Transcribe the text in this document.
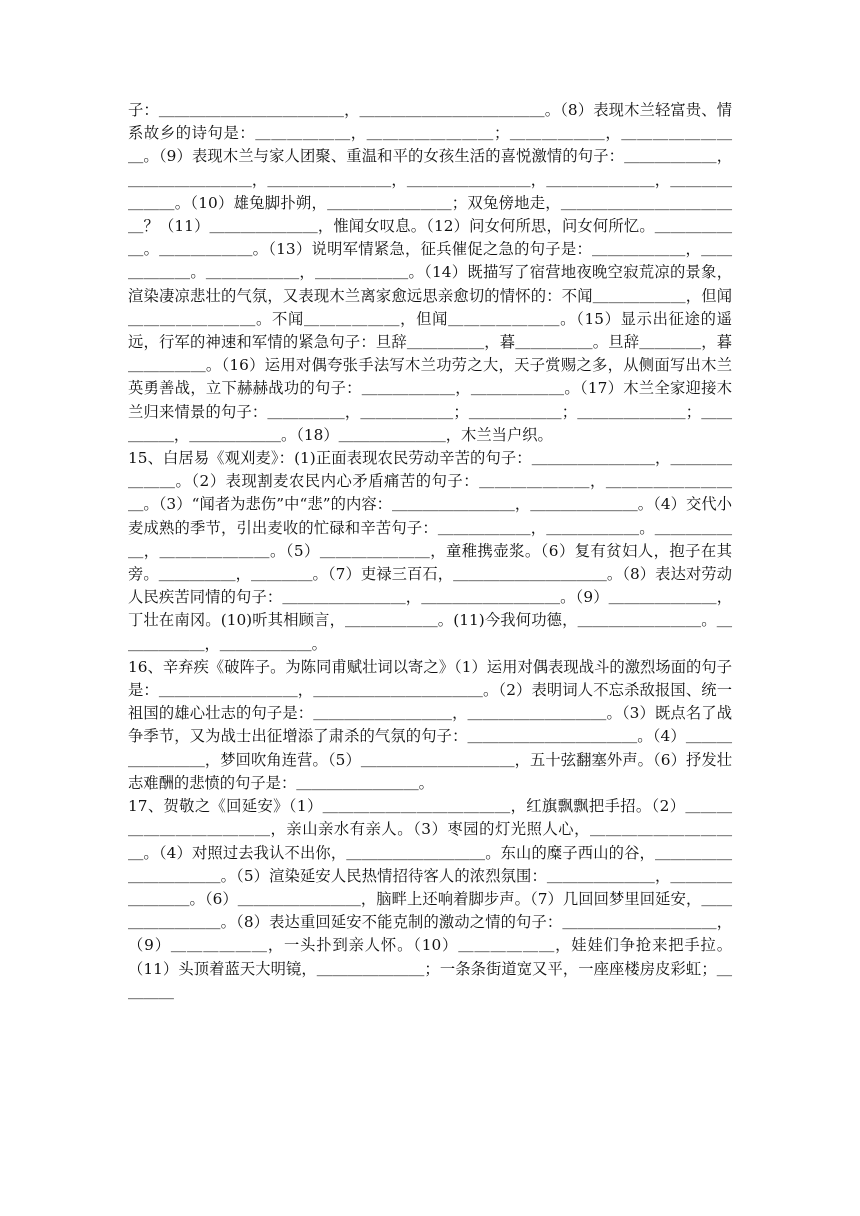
子：＿＿＿＿＿＿＿＿＿＿＿＿，＿＿＿＿＿＿＿＿＿＿＿＿。（8）表现木兰轻富贵、情系故乡的诗句是：＿＿＿＿＿＿，＿＿＿＿＿＿＿＿；＿＿＿＿＿＿，＿＿＿＿＿＿＿＿。（9）表现木兰与家人团聚、重温和平的女孩生活的喜悦激情的句子：＿＿＿＿＿＿，＿＿＿＿＿＿＿＿，＿＿＿＿＿＿＿＿，＿＿＿＿＿＿＿＿，＿＿＿＿＿＿＿，＿＿＿＿＿＿＿。（10）雄兔脚扑朔，＿＿＿＿＿＿＿＿；双兔傍地走，＿＿＿＿＿＿＿＿＿＿＿＿？（11）＿＿＿＿＿＿＿，惟闻女叹息。（12）问女何所思，问女何所忆。＿＿＿＿＿＿。＿＿＿＿＿＿。（13）说明军情紧急，征兵催促之急的句子是：＿＿＿＿＿＿，＿＿＿＿＿＿。＿＿＿＿＿＿，＿＿＿＿＿＿。（14）既描写了宿营地夜晚空寂荒凉的景象，渲染凄凉悲壮的气氛，又表现木兰离家愈远思亲愈切的情怀的：不闻＿＿＿＿＿＿，但闻＿＿＿＿＿＿＿＿。不闻＿＿＿＿＿＿，但闻＿＿＿＿＿＿＿。（15）显示出征途的遥远，行军的神速和军情的紧急句子：旦辞＿＿＿＿＿，暮＿＿＿＿＿。旦辞＿＿＿＿，暮＿＿＿＿＿。（16）运用对偶夸张手法写木兰功劳之大，天子赏赐之多，从侧面写出木兰英勇善战，立下赫赫战功的句子：＿＿＿＿＿＿，＿＿＿＿＿＿。（17）木兰全家迎接木兰归来情景的句子：＿＿＿＿＿，＿＿＿＿＿＿；＿＿＿＿＿＿；＿＿＿＿＿＿＿；＿＿＿＿＿，＿＿＿＿＿＿。（18）＿＿＿＿＿＿＿，木兰当户织。

15、白居易《观刈麦》：(1)正面表现农民劳动辛苦的句子：＿＿＿＿＿＿＿＿，＿＿＿＿＿＿＿。（2）表现割麦农民内心矛盾痛苦的句子：＿＿＿＿＿＿＿，＿＿＿＿＿＿＿＿＿。（3）“闻者为悲伤”中“悲”的内容：＿＿＿＿＿＿＿＿，＿＿＿＿＿＿＿。（4）交代小麦成熟的季节，引出麦收的忙碌和辛苦句子：＿＿＿＿＿＿，＿＿＿＿＿＿。＿＿＿＿＿＿，＿＿＿＿＿＿＿。（5）＿＿＿＿＿＿＿，童稚携壶浆。（6）复有贫妇人，抱子在其旁。＿＿＿＿＿，＿＿＿＿。（7）吏禄三百石，＿＿＿＿＿＿＿＿＿＿。（8）表达对劳动人民疾苦同情的句子：＿＿＿＿＿＿＿＿，＿＿＿＿＿＿＿＿＿。（9）＿＿＿＿＿＿＿，丁壮在南冈。(10)听其相顾言，＿＿＿＿＿＿。(11)今我何功德，＿＿＿＿＿＿＿＿。＿＿＿＿＿＿，＿＿＿＿＿＿。

16、辛弃疾《破阵子。为陈同甫赋壮词以寄之》（1）运用对偶表现战斗的激烈场面的句子是：＿＿＿＿＿＿＿＿＿，＿＿＿＿＿＿＿＿＿＿＿。（2）表明词人不忘杀敌报国、统一祖国的雄心壮志的句子是：＿＿＿＿＿＿＿＿＿，＿＿＿＿＿＿＿＿＿。（3）既点名了战争季节，又为战士出征增添了肃杀的气氛的句子：＿＿＿＿＿＿＿＿＿＿＿。（4）＿＿＿＿＿＿＿＿，梦回吹角连营。（5）＿＿＿＿＿＿＿＿＿＿，五十弦翻塞外声。（6）抒发壮志难酬的悲愤的句子是：＿＿＿＿＿＿＿＿。

17、贺敬之《回延安》（1）＿＿＿＿＿＿＿＿＿＿＿＿，红旗飘飘把手招。（2）＿＿＿＿＿＿＿＿＿＿＿＿，亲山亲水有亲人。（3）枣园的灯光照人心，＿＿＿＿＿＿＿＿＿＿。（4）对照过去我认不出你，＿＿＿＿＿＿＿＿＿。东山的糜子西山的谷，＿＿＿＿＿＿＿＿＿＿＿。（5）渲染延安人民热情招待客人的浓烈氛围：＿＿＿＿＿＿＿，＿＿＿＿＿＿＿＿。（6）＿＿＿＿＿＿＿＿，脑畔上还响着脚步声。（7）几回回梦里回延安，＿＿＿＿＿＿＿＿。（8）表达重回延安不能克制的激动之情的句子：＿＿＿＿＿＿＿＿＿＿，（9）＿＿＿＿＿＿，一头扑到亲人怀。（10）＿＿＿＿＿＿，娃娃们争抢来把手拉。（11）头顶着蓝天大明镜，＿＿＿＿＿＿＿；一条条街道宽又平，一座座楼房皮彩虹；＿＿＿＿
